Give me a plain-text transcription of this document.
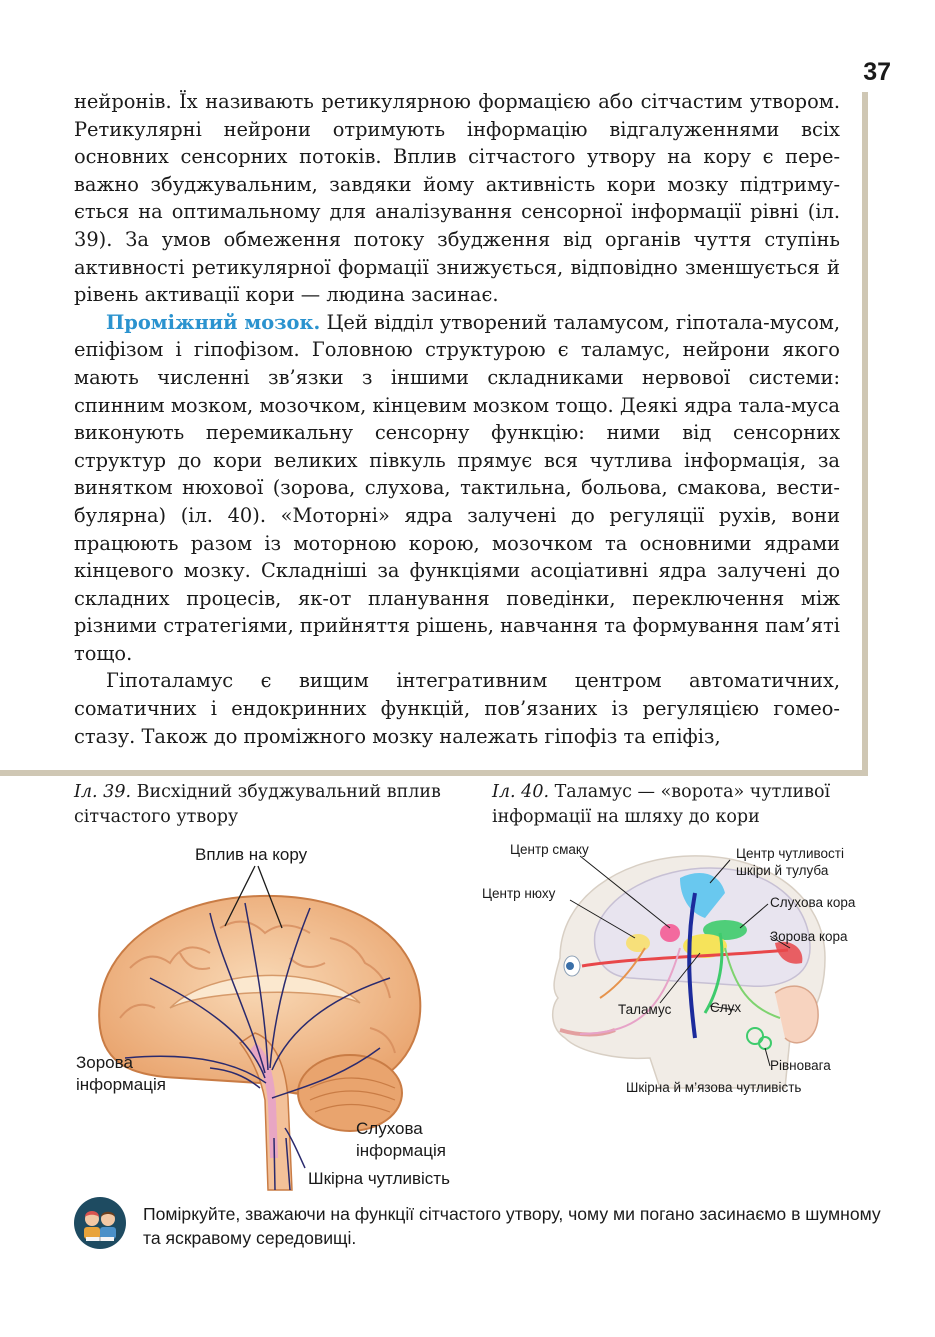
37

нейронів. Їх називають ретикулярною формацією або сітчастим утвором. Ретикулярні нейрони отримують інформацію відгалуженнями всіх основних сенсорних потоків. Вплив сітчастого утвору на кору є пере-важно збуджувальним, завдяки йому активність кори мозку підтриму-ється на оптимальному для аналізування сенсорної інформації рівні (іл. 39). За умов обмеження потоку збудження від органів чуття ступінь активності ретикулярної формації знижується, відповідно зменшується й рівень активації кори — людина засинає.

Проміжний мозок. Цей відділ утворений таламусом, гіпотала-мусом, епіфізом і гіпофізом. Головною структурою є таламус, нейрони якого мають численні зв’язки з іншими складниками нервової системи: спинним мозком, мозочком, кінцевим мозком тощо. Деякі ядра тала-муса виконують перемикальну сенсорну функцію: ними від сенсорних структур до кори великих півкуль прямує вся чутлива інформація, за винятком нюхової (зорова, слухова, тактильна, больова, смакова, вести-булярна) (іл. 40). «Моторні» ядра залучені до регуляції рухів, вони працюють разом із моторною корою, мозочком та основними ядрами кінцевого мозку. Складніші за функціями асоціативні ядра залучені до складних процесів, як-от планування поведінки, переключення між різними стратегіями, прийняття рішень, навчання та формування пам’яті тощо.

Гіпоталамус є вищим інтегративним центром автоматичних, соматичних і ендокринних функцій, пов’язаних із регуляцією гомео-стазу. Також до проміжного мозку належать гіпофіз та епіфіз,

Іл. 39. Висхідний збуджувальний вплив сітчастого утвору
Іл. 40. Таламус — «ворота» чутливої інформації на шляху до кори
Вплив на кору
Зорова
інформація
Слухова
інформація
Шкірна чутливість
Центр смаку
Центр нюху
Центр чутливості
шкіри й тулуба
Слухова кора
Зорова кора
Таламус	Слух
Рівновага
Шкірна й м’язова чутливість
Поміркуйте, зважаючи на функції сітчастого утвору, чому ми погано засинаємо в шумному та яскравому середовищі.
